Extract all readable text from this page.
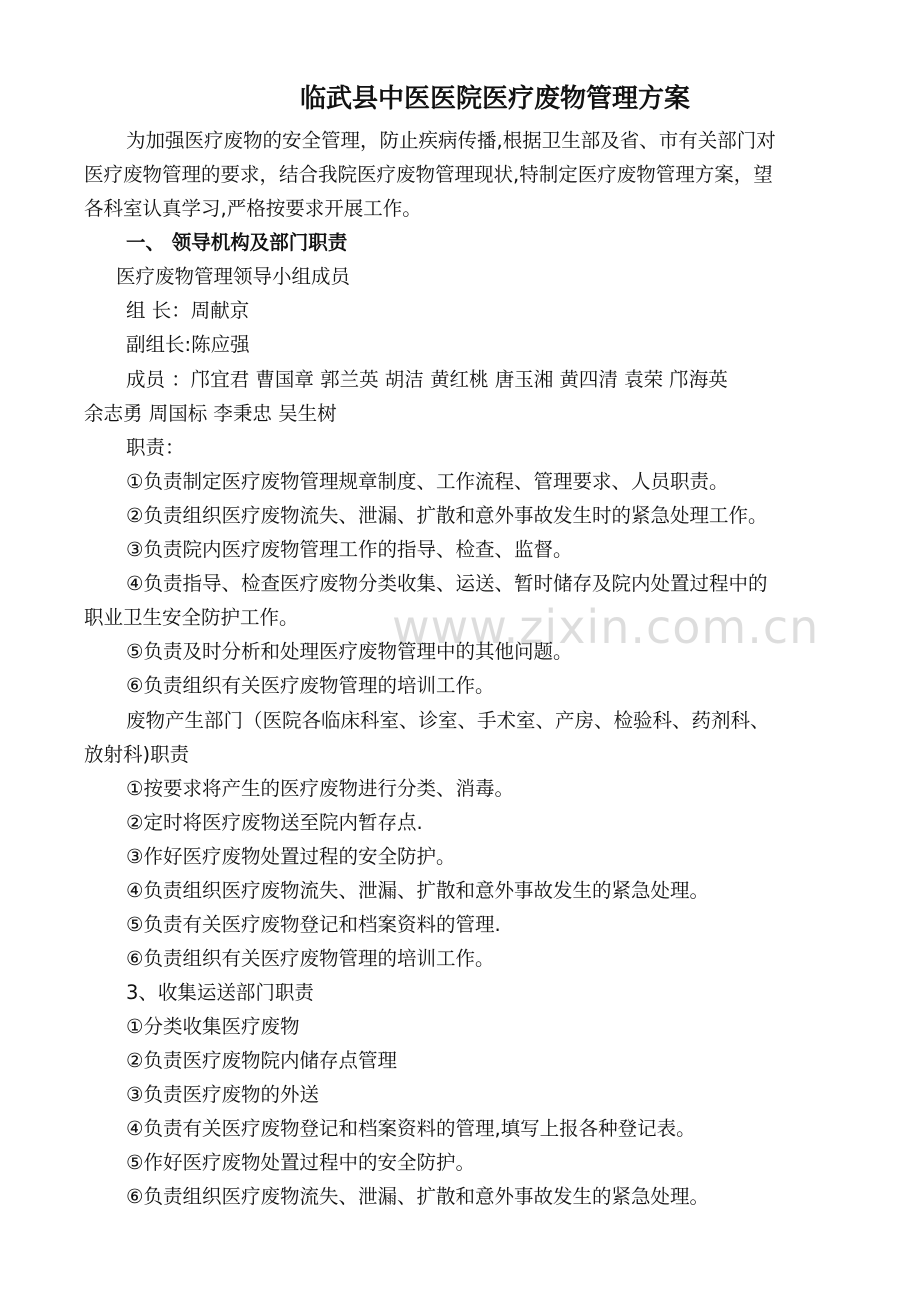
临武县中医医院医疗废物管理方案
为加强医疗废物的安全管理，防止疾病传播,根据卫生部及省、市有关部门对
医疗废物管理的要求，结合我院医疗废物管理现状,特制定医疗废物管理方案，望
各科室认真学习,严格按要求开展工作。
一、 领导机构及部门职责
医疗废物管理领导小组成员
组 长：周献京
副组长:陈应强
成员 ：邝宜君 曹国章 郭兰英 胡洁 黄红桃 唐玉湘 黄四清 袁荣 邝海英
余志勇 周国标 李秉忠 吴生树
职责：
①负责制定医疗废物管理规章制度、工作流程、管理要求、人员职责。
②负责组织医疗废物流失、泄漏、扩散和意外事故发生时的紧急处理工作。
③负责院内医疗废物管理工作的指导、检查、监督。
④负责指导、检查医疗废物分类收集、运送、暂时储存及院内处置过程中的
职业卫生安全防护工作。
⑤负责及时分析和处理医疗废物管理中的其他问题。
⑥负责组织有关医疗废物管理的培训工作。
废物产生部门（医院各临床科室、诊室、手术室、产房、检验科、药剂科、
放射科)职责
①按要求将产生的医疗废物进行分类、消毒。
②定时将医疗废物送至院内暂存点.
③作好医疗废物处置过程的安全防护。
④负责组织医疗废物流失、泄漏、扩散和意外事故发生的紧急处理。
⑤负责有关医疗废物登记和档案资料的管理.
⑥负责组织有关医疗废物管理的培训工作。
3、收集运送部门职责
①分类收集医疗废物
②负责医疗废物院内储存点管理
③负责医疗废物的外送
④负责有关医疗废物登记和档案资料的管理,填写上报各种登记表。
⑤作好医疗废物处置过程中的安全防护。
⑥负责组织医疗废物流失、泄漏、扩散和意外事故发生的紧急处理。
www.zixin.com.cn
